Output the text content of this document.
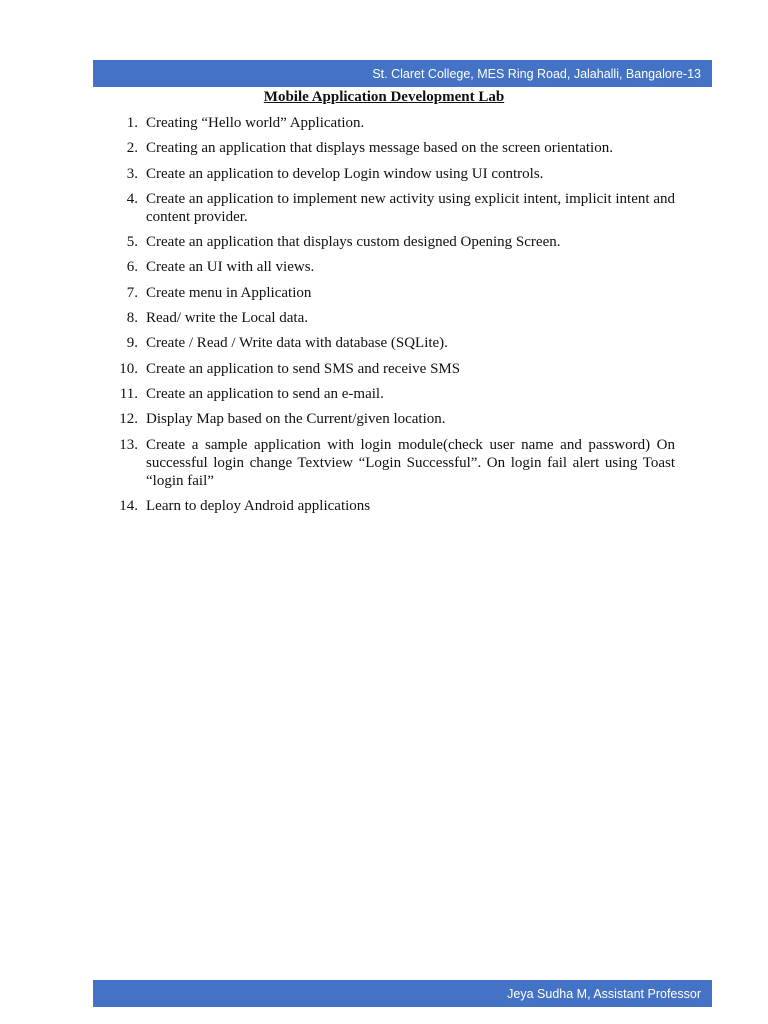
St. Claret College, MES Ring Road, Jalahalli, Bangalore-13
Mobile Application Development Lab
1. Creating “Hello world” Application.
2. Creating an application that displays message based on the screen orientation.
3. Create an application to develop Login window using UI controls.
4. Create an application to implement new activity using explicit intent, implicit intent and content provider.
5. Create an application that displays custom designed Opening Screen.
6. Create an UI with all views.
7. Create menu in Application
8. Read/ write the Local data.
9. Create / Read / Write data with database (SQLite).
10. Create an application to send SMS and receive SMS
11. Create an application to send an e-mail.
12. Display Map based on the Current/given location.
13. Create a sample application with login module(check user name and password) On successful login change Textview “Login Successful”. On login fail alert using Toast “login fail”
14. Learn to deploy Android applications
Jeya Sudha M, Assistant Professor
